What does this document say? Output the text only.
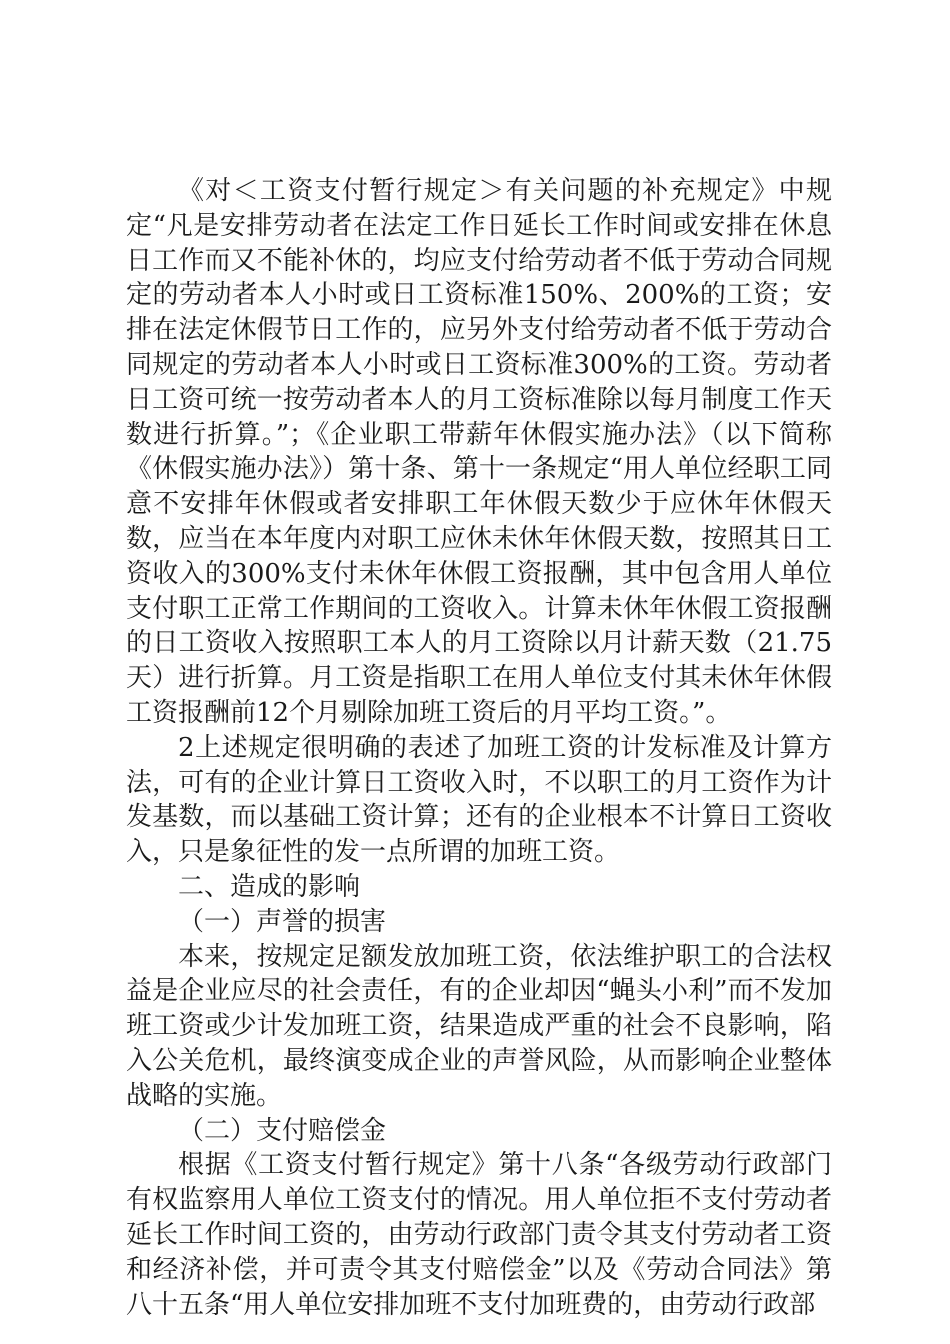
《对＜工资支付暂行规定＞有关问题的补充规定》中规定“凡是安排劳动者在法定工作日延长工作时间或安排在休息日工作而又不能补休的，均应支付给劳动者不低于劳动合同规定的劳动者本人小时或日工资标准150%、200%的工资；安排在法定休假节日工作的，应另外支付给劳动者不低于劳动合同规定的劳动者本人小时或日工资标准300%的工资。劳动者日工资可统一按劳动者本人的月工资标准除以每月制度工作天数进行折算。”；《企业职工带薪年休假实施办法》（以下简称《休假实施办法》）第十条、第十一条规定“用人单位经职工同意不安排年休假或者安排职工年休假天数少于应休年休假天数，应当在本年度内对职工应休未休年休假天数，按照其日工资收入的300%支付未休年休假工资报酬，其中包含用人单位支付职工正常工作期间的工资收入。计算未休年休假工资报酬的日工资收入按照职工本人的月工资除以月计薪天数（21.75天）进行折算。月工资是指职工在用人单位支付其未休年休假工资报酬前12个月剔除加班工资后的月平均工资。”。

2上述规定很明确的表述了加班工资的计发标准及计算方法，可有的企业计算日工资收入时，不以职工的月工资作为计发基数，而以基础工资计算；还有的企业根本不计算日工资收入，只是象征性的发一点所谓的加班工资。

二、造成的影响

（一）声誉的损害

本来，按规定足额发放加班工资，依法维护职工的合法权益是企业应尽的社会责任，有的企业却因“蝇头小利”而不发加班工资或少计发加班工资，结果造成严重的社会不良影响，陷入公关危机，最终演变成企业的声誉风险，从而影响企业整体战略的实施。

（二）支付赔偿金

根据《工资支付暂行规定》第十八条“各级劳动行政部门有权监察用人单位工资支付的情况。用人单位拒不支付劳动者延长工作时间工资的，由劳动行政部门责令其支付劳动者工资和经济补偿，并可责令其支付赔偿金”以及《劳动合同法》第八十五条“用人单位安排加班不支付加班费的，由劳动行政部
